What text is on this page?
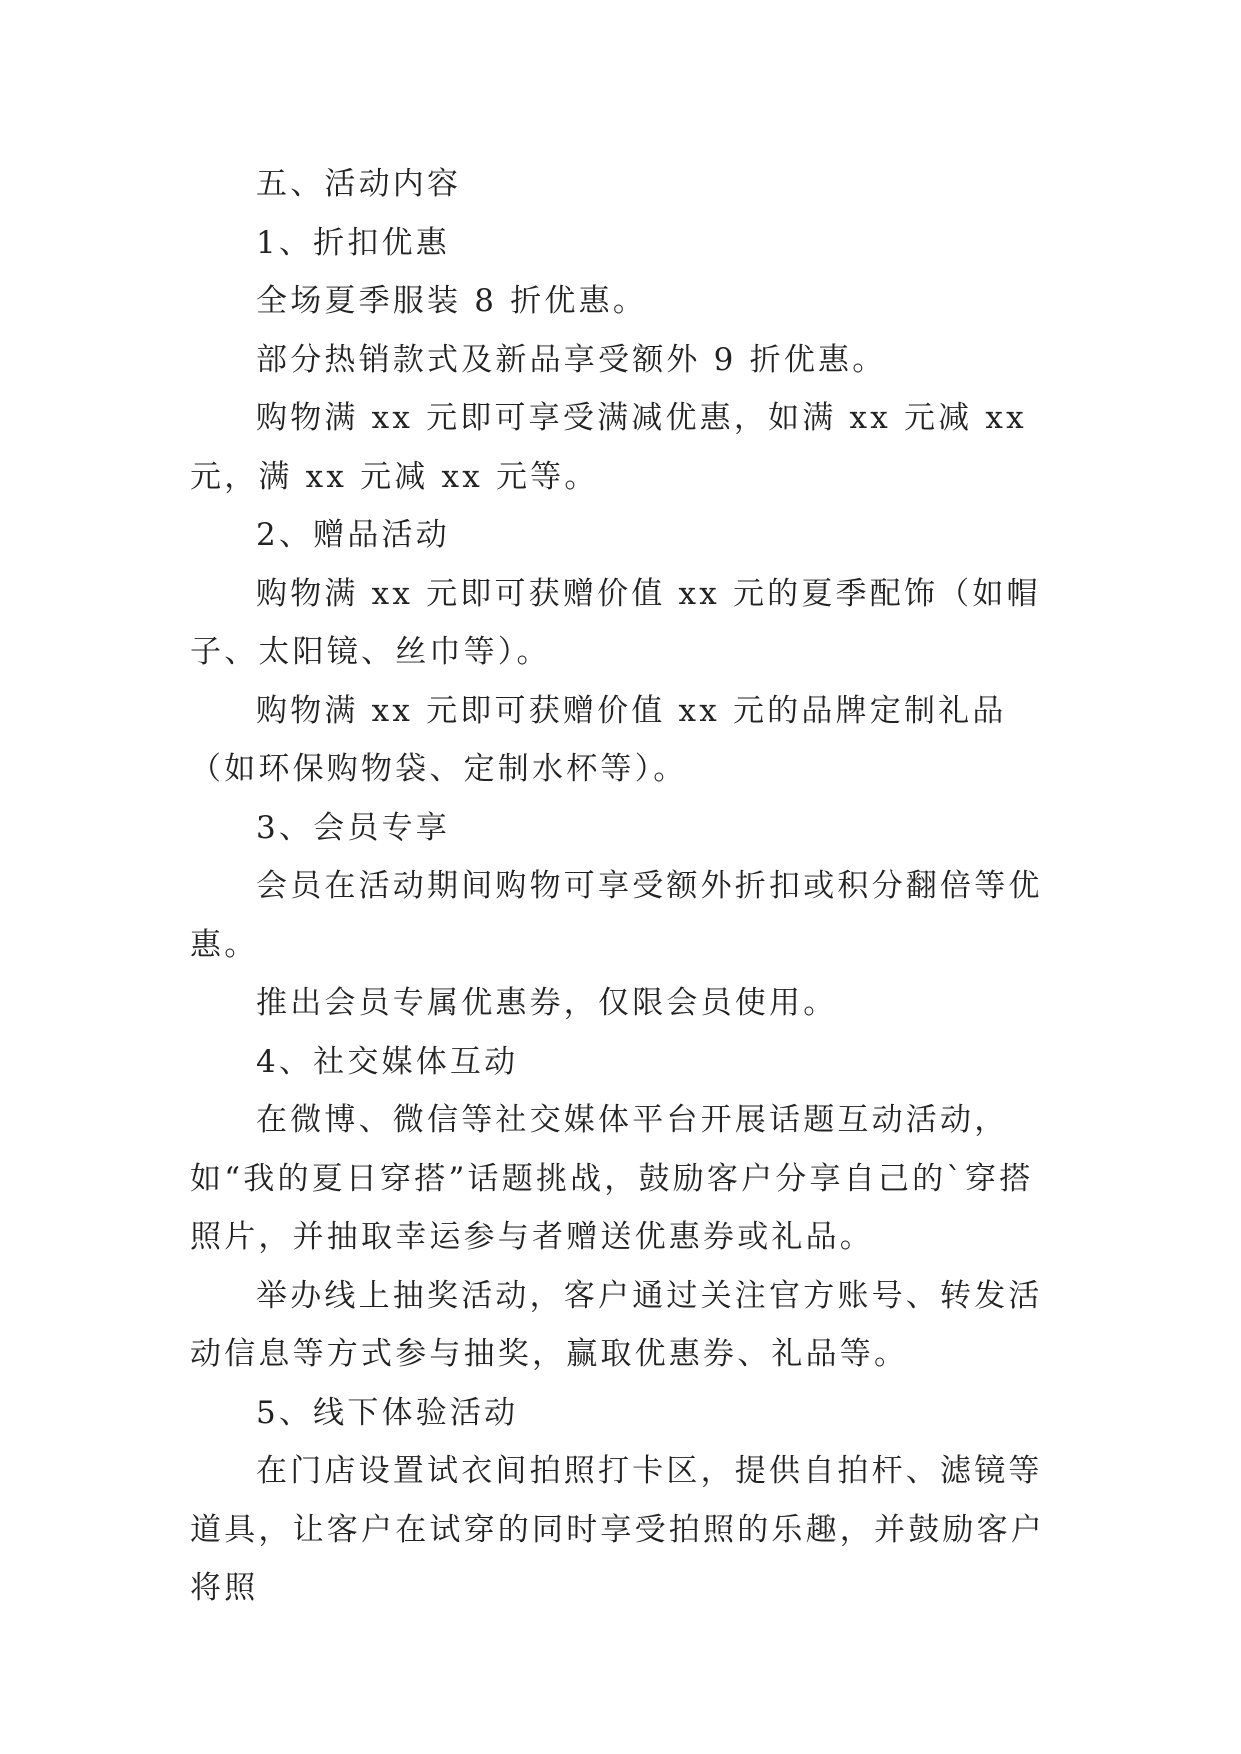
五、活动内容

1、折扣优惠

全场夏季服装 8 折优惠。

部分热销款式及新品享受额外 9 折优惠。

购物满 xx 元即可享受满减优惠，如满 xx 元减 xx 元，满 xx 元减 xx 元等。

2、赠品活动

购物满 xx 元即可获赠价值 xx 元的夏季配饰（如帽子、太阳镜、丝巾等）。

购物满 xx 元即可获赠价值 xx 元的品牌定制礼品（如环保购物袋、定制水杯等）。

3、会员专享

会员在活动期间购物可享受额外折扣或积分翻倍等优惠。

推出会员专属优惠券，仅限会员使用。

4、社交媒体互动

在微博、微信等社交媒体平台开展话题互动活动，如“我的夏日穿搭”话题挑战，鼓励客户分享自己的`穿搭照片，并抽取幸运参与者赠送优惠券或礼品。

举办线上抽奖活动，客户通过关注官方账号、转发活动信息等方式参与抽奖，赢取优惠券、礼品等。

5、线下体验活动

在门店设置试衣间拍照打卡区，提供自拍杆、滤镜等道具，让客户在试穿的同时享受拍照的乐趣，并鼓励客户将照
